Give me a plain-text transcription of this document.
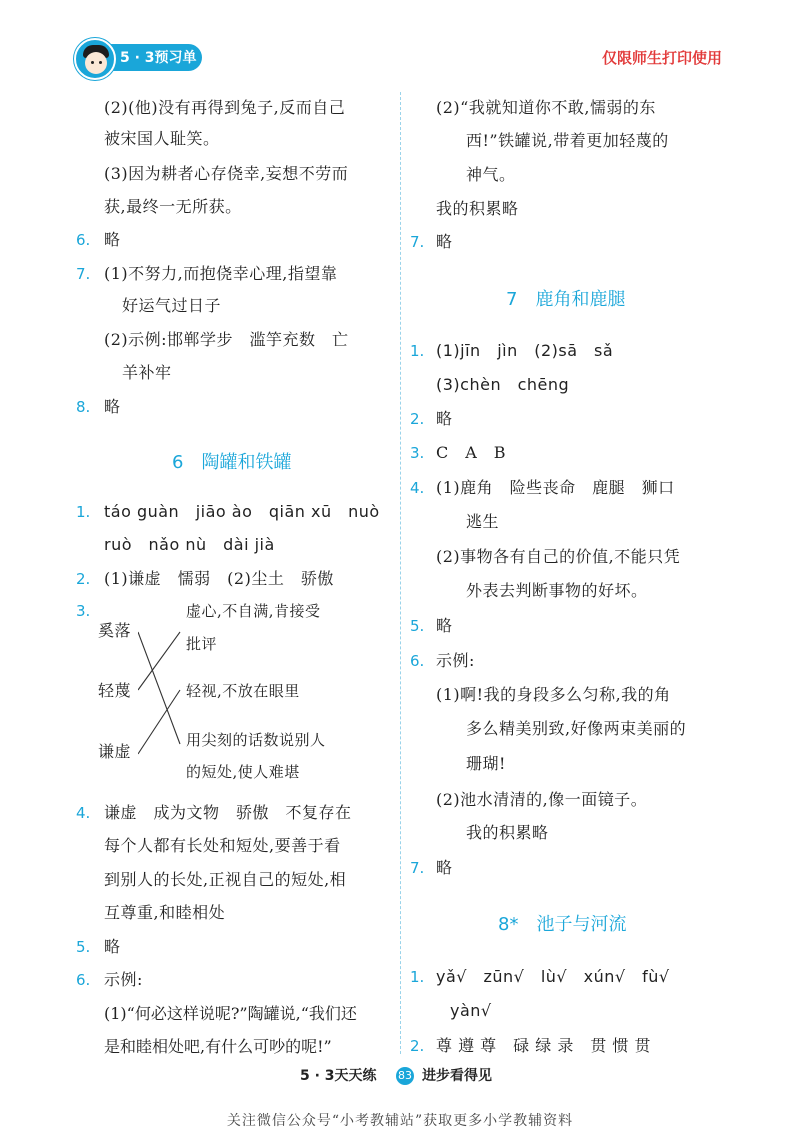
5 · 3预习单	仅限师生打印使用
(2)(他)没有再得到兔子,反而自己
被宋国人耻笑。
(3)因为耕者心存侥幸,妄想不劳而
获,最终一无所获。
6. 略
7. (1)不努力,而抱侥幸心理,指望靠
好运气过日子
(2)示例:邯郸学步　滥竽充数　亡
羊补牢
8. 略
6　陶罐和铁罐
1. táo guàn　jiāo ào　qiān xū　nuò
ruò　nǎo nù　dài jià
2. (1)谦虚　懦弱　(2)尘土　骄傲
3.
奚落
轻蔑
谦虚
虚心,不自满,肯接受
批评
轻视,不放在眼里
用尖刻的话数说别人
的短处,使人难堪
4. 谦虚　成为文物　骄傲　不复存在
每个人都有长处和短处,要善于看
到别人的长处,正视自己的短处,相
互尊重,和睦相处
5. 略
6. 示例:
(1)“何必这样说呢?”陶罐说,“我们还
是和睦相处吧,有什么可吵的呢!”
(2)“我就知道你不敢,懦弱的东
西!”铁罐说,带着更加轻蔑的
神气。
我的积累略
7. 略
7　鹿角和鹿腿
1. (1)jīn　jìn　(2)sā　sǎ
(3)chèn　chēng
2. 略
3. C　A　B
4. (1)鹿角　险些丧命　鹿腿　狮口
逃生
(2)事物各有自己的价值,不能只凭
外表去判断事物的好坏。
5. 略
6. 示例:
(1)啊!我的身段多么匀称,我的角
多么精美别致,好像两束美丽的
珊瑚!
(2)池水清清的,像一面镜子。
我的积累略
7. 略
8*　池子与河流
1. yǎ√　zūn√　lù√　xún√　fù√
yàn√
2. 尊 遵 尊　碌 绿 录　贯 惯 贯
5 · 3天天练 83 进步看得见
关注微信公众号“小考教辅站”获取更多小学教辅资料
